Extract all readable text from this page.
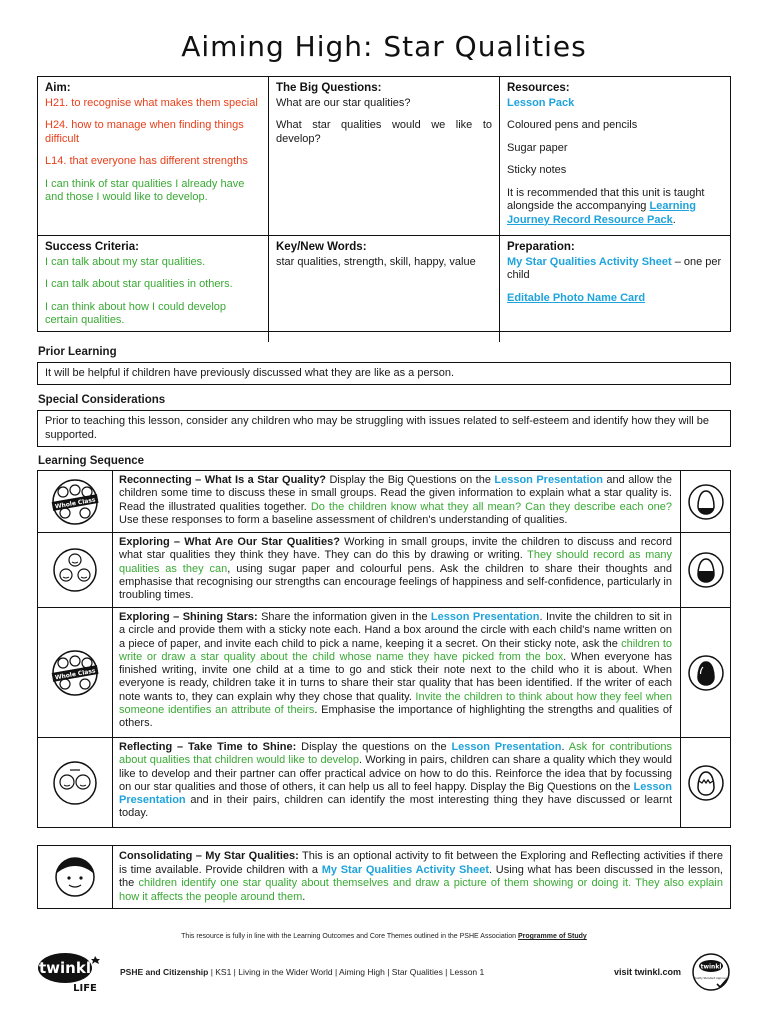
Aiming High: Star Qualities
Aim:

H21. to recognise what makes them special

H24. how to manage when finding things difficult

L14. that everyone has different strengths

I can think of star qualities I already have and those I would like to develop.

The Big Questions:

What are our star qualities?

What star qualities would we like to develop?

Resources:

Lesson Pack

Coloured pens and pencils

Sugar paper

Sticky notes

It is recommended that this unit is taught alongside the accompanying Learning Journey Record Resource Pack.

Success Criteria:

I can talk about my star qualities.

I can talk about star qualities in others.

I can think about how I could develop certain qualities.

Key/New Words:

star qualities, strength, skill, happy, value

Preparation:

My Star Qualities Activity Sheet – one per child

Editable Photo Name Card

Prior Learning
It will be helpful if children have previously discussed what they are like as a person.
Special Considerations
Prior to teaching this lesson, consider any children who may be struggling with issues related to self-esteem and identify how they will be supported.
Learning Sequence
Whole Class
Reconnecting – What Is a Star Quality? Display the Big Questions on the Lesson Presentation and allow the children some time to discuss these in small groups. Read the given information to explain what a star quality is. Read the illustrated qualities together. Do the children know what they all mean? Can they describe each one? Use these responses to form a baseline assessment of children's understanding of qualities.
Exploring – What Are Our Star Qualities? Working in small groups, invite the children to discuss and record what star qualities they think they have. They can do this by drawing or writing. They should record as many qualities as they can, using sugar paper and colourful pens. Ask the children to share their thoughts and emphasise that recognising our strengths can encourage feelings of happiness and self-confidence, particularly in troubling times.
Whole Class
Exploring – Shining Stars: Share the information given in the Lesson Presentation. Invite the children to sit in a circle and provide them with a sticky note each. Hand a box around the circle with each child's name written on a piece of paper, and invite each child to pick a name, keeping it a secret. On their sticky note, ask the children to write or draw a star quality about the child whose name they have picked from the box. When everyone has finished writing, invite one child at a time to go and stick their note next to the child who it is about. When everyone is ready, children take it in turns to share their star quality that has been identified. If the writer of each note wants to, they can explain why they chose that quality. Invite the children to think about how they feel when someone identifies an attribute of theirs. Emphasise the importance of highlighting the strengths and qualities of others.
Reflecting – Take Time to Shine: Display the questions on the Lesson Presentation. Ask for contributions about qualities that children would like to develop. Working in pairs, children can share a quality which they would like to develop and their partner can offer practical advice on how to do this. Reinforce the idea that by focussing on our star qualities and those of others, it can help us all to feel happy. Display the Big Questions on the Lesson Presentation and in their pairs, children can identify the most interesting thing they have discussed or learnt today.
Consolidating – My Star Qualities: This is an optional activity to fit between the Exploring and Reflecting activities if there is time available. Provide children with a My Star Qualities Activity Sheet. Using what has been discussed in the lesson, the children identify one star quality about themselves and draw a picture of them showing or doing it. They also explain how it affects the people around them.
This resource is fully in line with the Learning Outcomes and Core Themes outlined in the PSHE Association Programme of Study
twinkl
LIFE
PSHE and Citizenship | KS1 | Living in the Wider World | Aiming High | Star Qualities | Lesson 1	visit twinkl.com	twinkl
Quality Standard Approved
